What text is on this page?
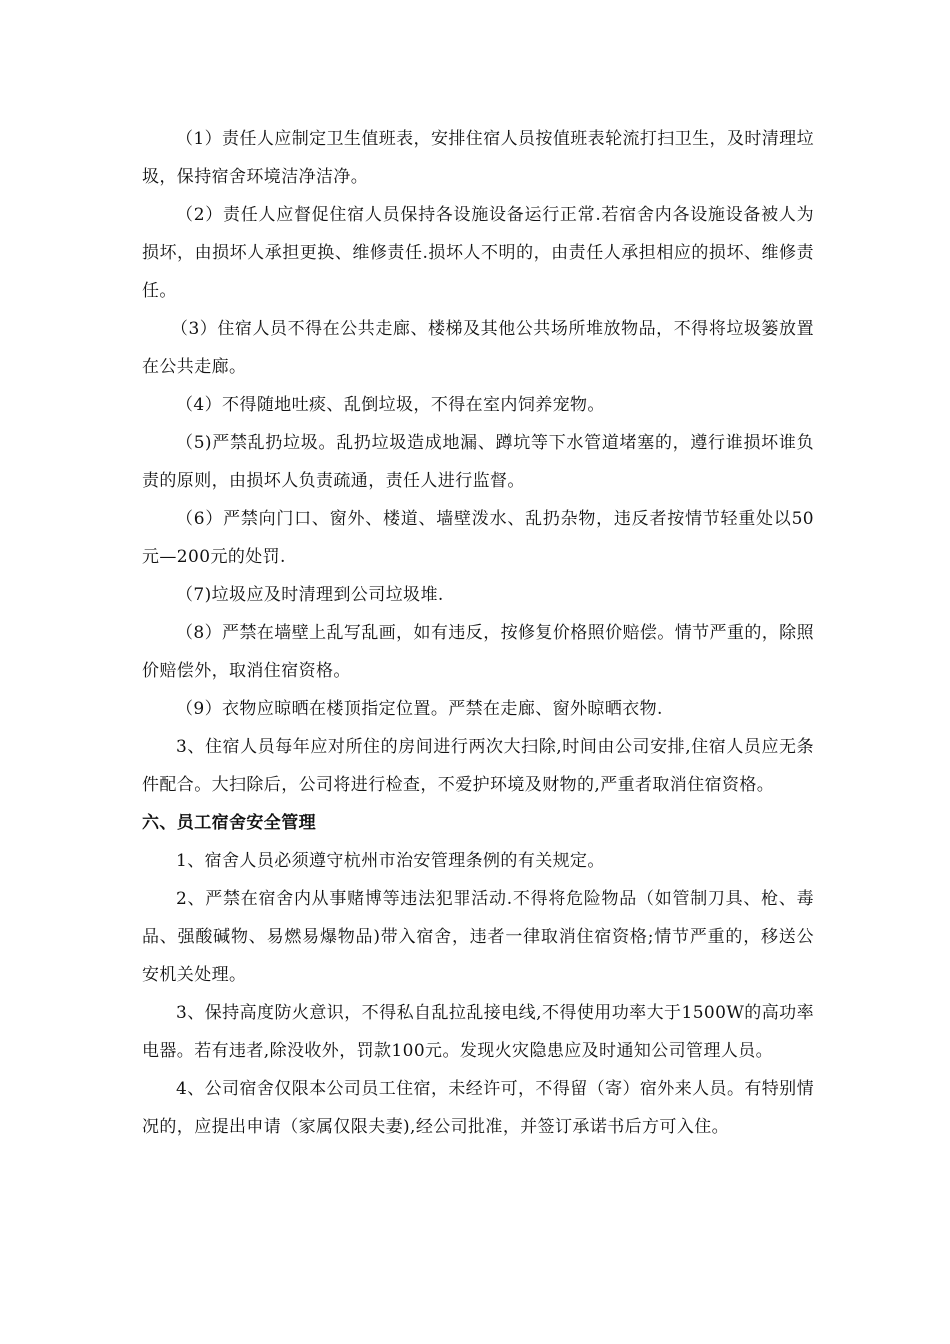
（1）责任人应制定卫生值班表，安排住宿人员按值班表轮流打扫卫生，及时清理垃圾，保持宿舍环境洁净洁净。

（2）责任人应督促住宿人员保持各设施设备运行正常.若宿舍内各设施设备被人为损坏，由损坏人承担更换、维修责任.损坏人不明的，由责任人承担相应的损坏、维修责任。

（3）住宿人员不得在公共走廊、楼梯及其他公共场所堆放物品，不得将垃圾篓放置在公共走廊。

（4）不得随地吐痰、乱倒垃圾，不得在室内饲养宠物。

（5)严禁乱扔垃圾。乱扔垃圾造成地漏、蹲坑等下水管道堵塞的，遵行谁损坏谁负责的原则，由损坏人负责疏通，责任人进行监督。

（6）严禁向门口、窗外、楼道、墙壁泼水、乱扔杂物，违反者按情节轻重处以50元—200元的处罚.

（7)垃圾应及时清理到公司垃圾堆.

（8）严禁在墙壁上乱写乱画，如有违反，按修复价格照价赔偿。情节严重的，除照价赔偿外，取消住宿资格。

（9）衣物应晾晒在楼顶指定位置。严禁在走廊、窗外晾晒衣物.

3、住宿人员每年应对所住的房间进行两次大扫除,时间由公司安排,住宿人员应无条件配合。大扫除后，公司将进行检查，不爱护环境及财物的,严重者取消住宿资格。

六、员工宿舍安全管理

1、宿舍人员必须遵守杭州市治安管理条例的有关规定。

2、严禁在宿舍内从事赌博等违法犯罪活动.不得将危险物品（如管制刀具、枪、毒品、强酸碱物、易燃易爆物品)带入宿舍，违者一律取消住宿资格;情节严重的，移送公安机关处理。

3、保持高度防火意识，不得私自乱拉乱接电线,不得使用功率大于1500W的高功率电器。若有违者,除没收外，罚款100元。发现火灾隐患应及时通知公司管理人员。

4、公司宿舍仅限本公司员工住宿，未经许可，不得留（寄）宿外来人员。有特别情况的，应提出申请（家属仅限夫妻),经公司批准，并签订承诺书后方可入住。
